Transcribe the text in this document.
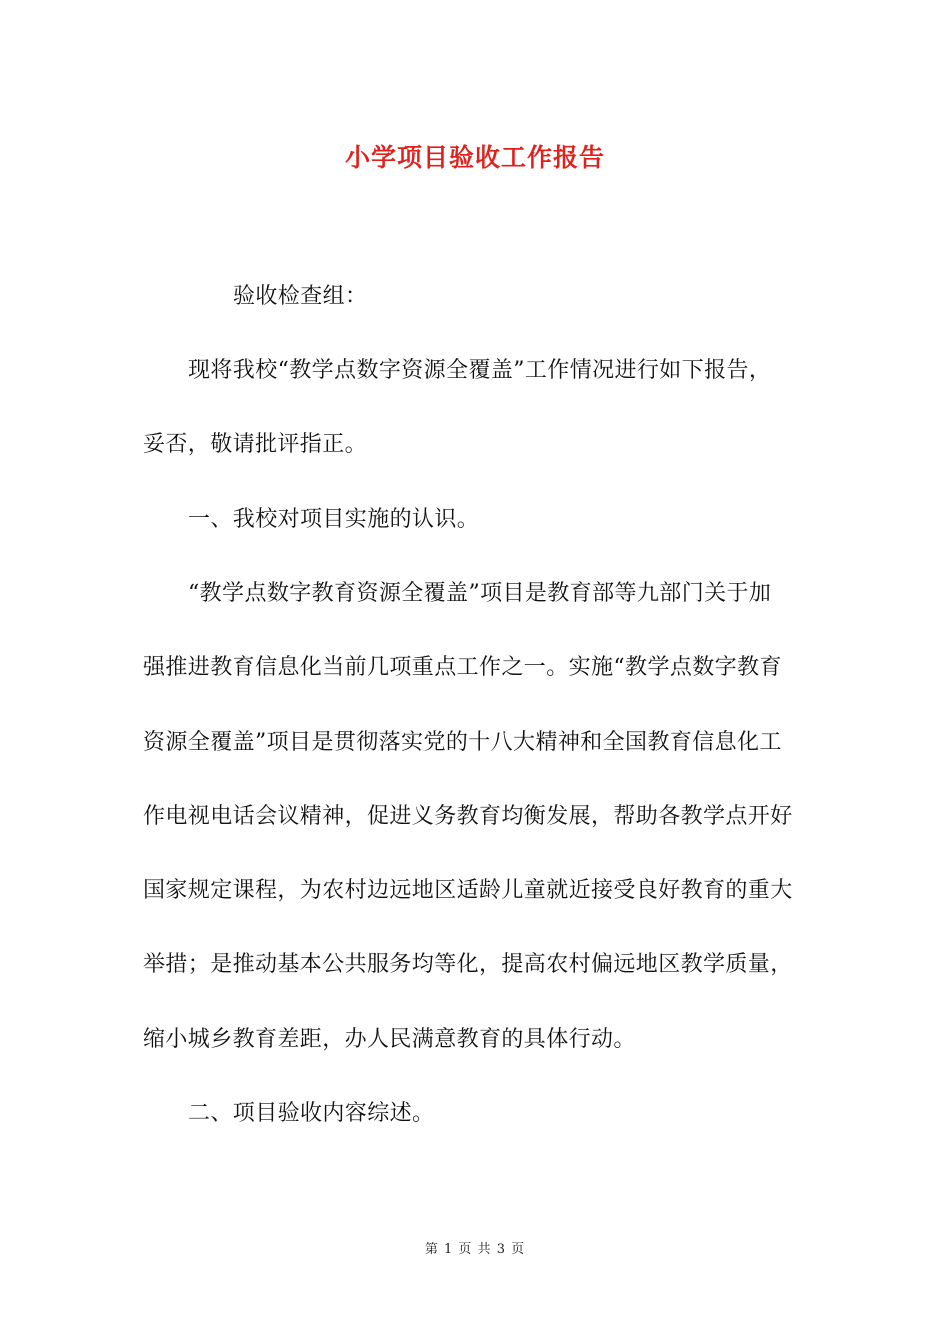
小学项目验收工作报告
验收检查组：
现将我校“教学点数字资源全覆盖”工作情况进行如下报告，
妥否，敬请批评指正。
一、我校对项目实施的认识。
“教学点数字教育资源全覆盖”项目是教育部等九部门关于加
强推进教育信息化当前几项重点工作之一。实施“教学点数字教育
资源全覆盖”项目是贯彻落实党的十八大精神和全国教育信息化工
作电视电话会议精神，促进义务教育均衡发展，帮助各教学点开好
国家规定课程，为农村边远地区适龄儿童就近接受良好教育的重大
举措；是推动基本公共服务均等化，提高农村偏远地区教学质量，
缩小城乡教育差距，办人民满意教育的具体行动。
二、项目验收内容综述。
第 1 页 共 3 页
